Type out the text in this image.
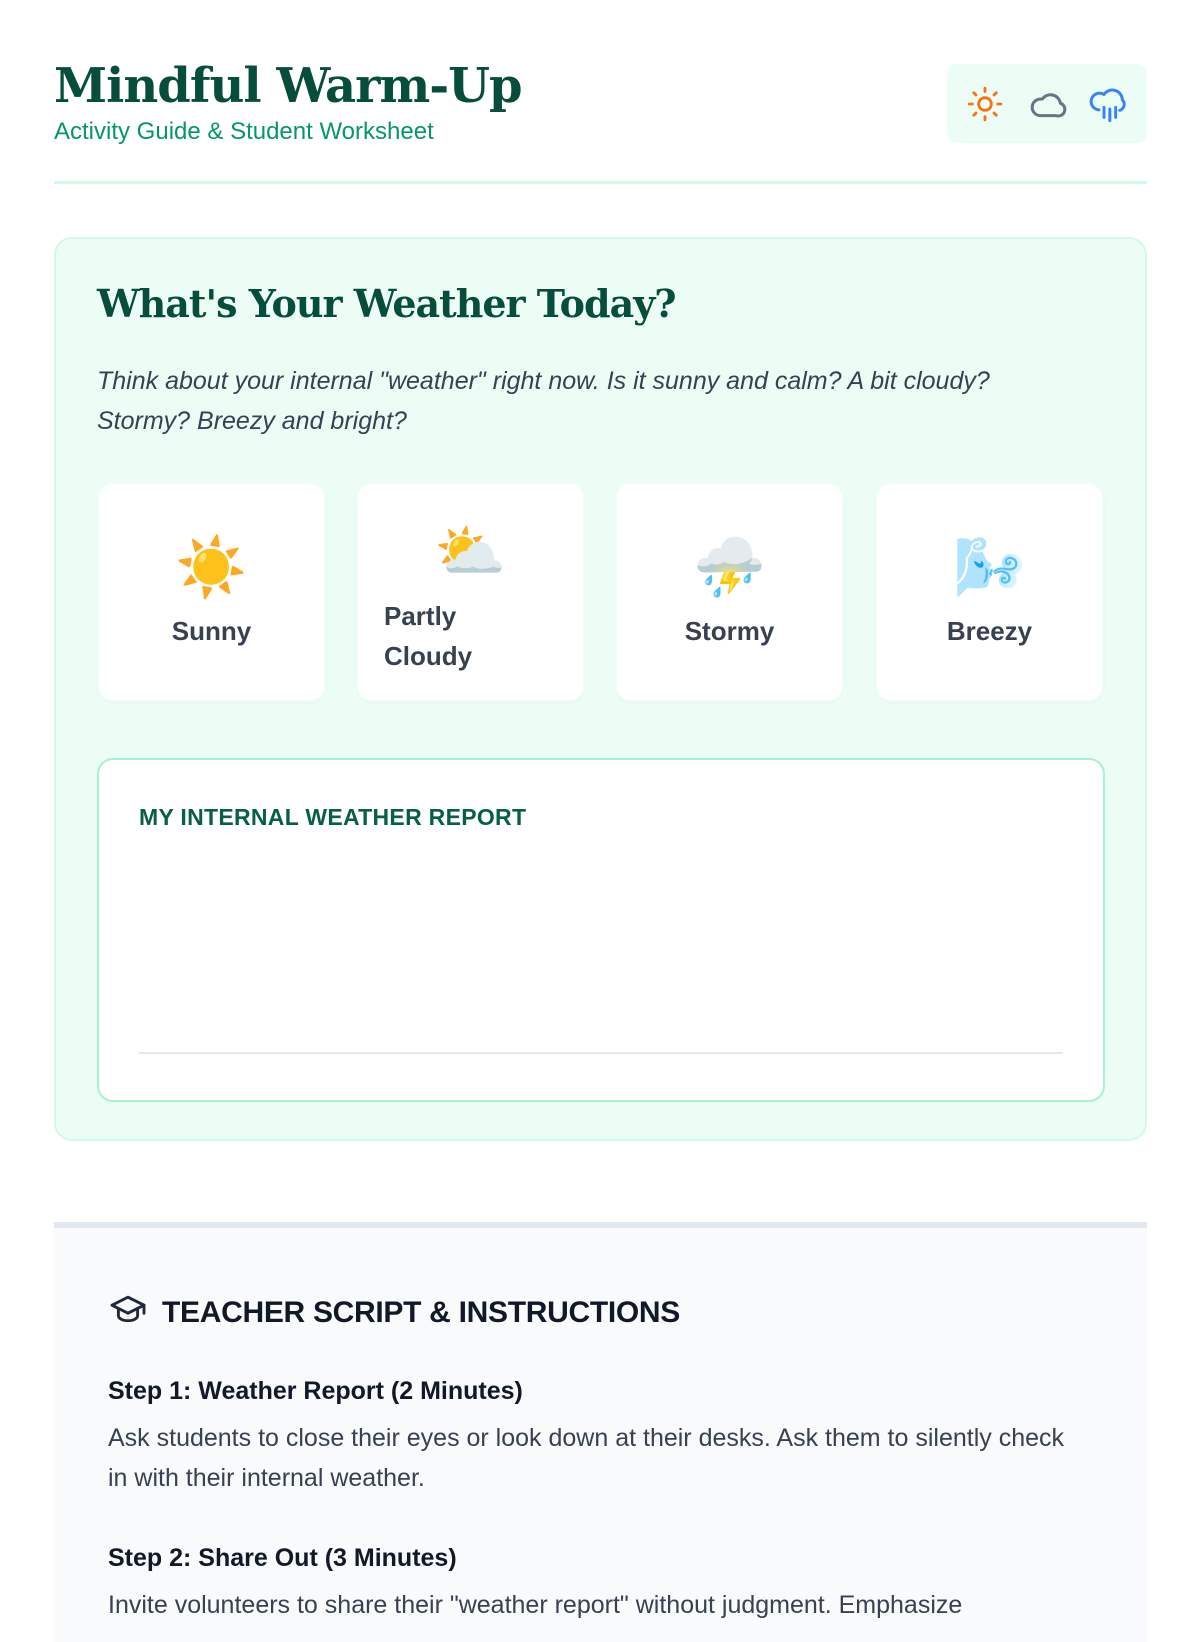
Mindful Warm-Up
Activity Guide & Student Worksheet
What's Your Weather Today?
Think about your internal "weather" right now. Is it sunny and calm? A bit cloudy? Stormy? Breezy and bright?
☀️
Sunny
⛅
Partly Cloudy
⛈️
Stormy
🌬️
Breezy
MY INTERNAL WEATHER REPORT
TEACHER SCRIPT & INSTRUCTIONS
Step 1: Weather Report (2 Minutes)
Ask students to close their eyes or look down at their desks. Ask them to silently check in with their internal weather.
Step 2: Share Out (3 Minutes)
Invite volunteers to share their "weather report" without judgment. Emphasize
